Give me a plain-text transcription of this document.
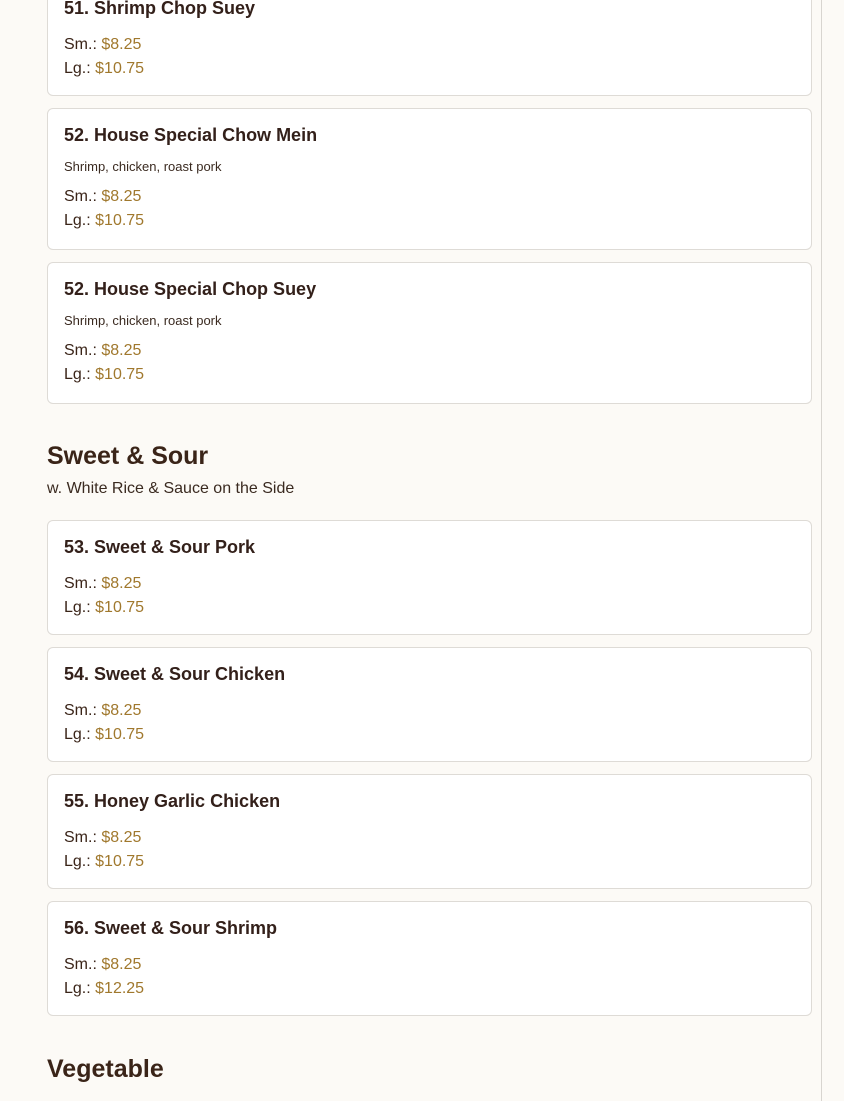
51. Shrimp Chop Suey
Sm.: $8.25
Lg.: $10.75
52. House Special Chow Mein
Shrimp, chicken, roast pork
Sm.: $8.25
Lg.: $10.75
52. House Special Chop Suey
Shrimp, chicken, roast pork
Sm.: $8.25
Lg.: $10.75
Sweet & Sour
w. White Rice & Sauce on the Side
53. Sweet & Sour Pork
Sm.: $8.25
Lg.: $10.75
54. Sweet & Sour Chicken
Sm.: $8.25
Lg.: $10.75
55. Honey Garlic Chicken
Sm.: $8.25
Lg.: $10.75
56. Sweet & Sour Shrimp
Sm.: $8.25
Lg.: $12.25
Vegetable
